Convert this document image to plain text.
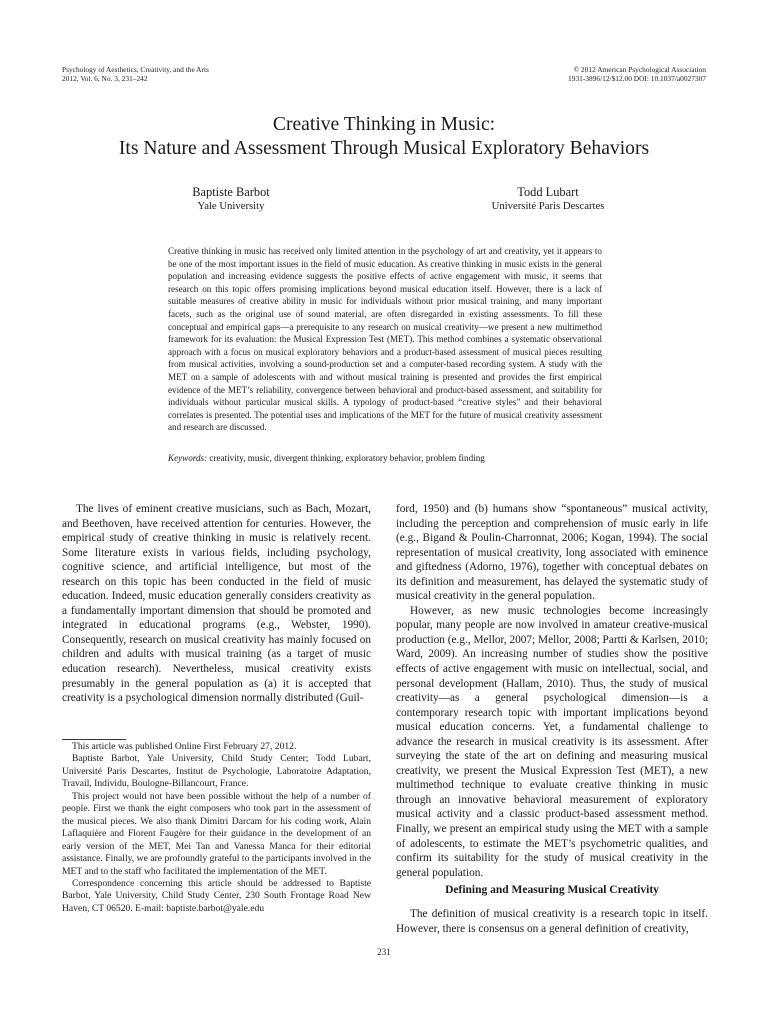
Psychology of Aesthetics, Creativity, and the Arts
2012, Vol. 6, No. 3, 231–242
© 2012 American Psychological Association
1931-3896/12/$12.00 DOI: 10.1037/a0027307
Creative Thinking in Music:
Its Nature and Assessment Through Musical Exploratory Behaviors
Baptiste Barbot
Yale University
Todd Lubart
Université Paris Descartes

Creative thinking in music has received only limited attention in the psychology of art and creativity, yet it appears to be one of the most important issues in the field of music education. As creative thinking in music exists in the general population and increasing evidence suggests the positive effects of active engagement with music, it seems that research on this topic offers promising implications beyond musical education itself. However, there is a lack of suitable measures of creative ability in music for individuals without prior musical training, and many important facets, such as the original use of sound material, are often disregarded in existing assessments. To fill these conceptual and empirical gaps—a prerequisite to any research on musical creativity—we present a new multimethod framework for its evaluation: the Musical Expression Test (MET). This method combines a systematic observational approach with a focus on musical exploratory behaviors and a product-based assessment of musical pieces resulting from musical activities, involving a sound-production set and a computer-based recording system. A study with the MET on a sample of adolescents with and without musical training is presented and provides the first empirical evidence of the MET’s reliability, convergence between behavioral and product-based assessment, and suitability for individuals without particular musical skills. A typology of product-based “creative styles” and their behavioral correlates is presented. The potential uses and implications of the MET for the future of musical creativity assessment and research are discussed.

Keywords: creativity, music, divergent thinking, exploratory behavior, problem finding

The lives of eminent creative musicians, such as Bach, Mozart, and Beethoven, have received attention for centuries. However, the empirical study of creative thinking in music is relatively recent. Some literature exists in various fields, including psychology, cognitive science, and artificial intelligence, but most of the research on this topic has been conducted in the field of music education. Indeed, music education generally considers creativity as a fundamentally important dimension that should be promoted and integrated in educational programs (e.g., Webster, 1990). Consequently, research on musical creativity has mainly focused on children and adults with musical training (as a target of music education research). Nevertheless, musical creativity exists presumably in the general population as (a) it is accepted that creativity is a psychological dimension normally distributed (Guil-

This article was published Online First February 27, 2012.

Baptiste Barbot, Yale University, Child Study Center; Todd Lubart, Université Paris Descartes, Institut de Psychologie, Laboratoire Adaptation, Travail, Individu, Boulogne-Billancourt, France.

This project would not have been possible without the help of a number of people. First we thank the eight composers who took part in the assessment of the musical pieces. We also thank Dimitri Darcam for his coding work, Alain Laflaquière and Florent Faugère for their guidance in the development of an early version of the MET, Mei Tan and Vanessa Manca for their editorial assistance. Finally, we are profoundly grateful to the participants involved in the MET and to the staff who facilitated the implementation of the MET.

Correspondence concerning this article should be addressed to Baptiste Barbot, Yale University, Child Study Center, 230 South Frontage Road New Haven, CT 06520. E-mail: baptiste.barbot@yale.edu

ford, 1950) and (b) humans show “spontaneous” musical activity, including the perception and comprehension of music early in life (e.g., Bigand & Poulin-Charronnat, 2006; Kogan, 1994). The social representation of musical creativity, long associated with eminence and giftedness (Adorno, 1976), together with conceptual debates on its definition and measurement, has delayed the systematic study of musical creativity in the general population.

However, as new music technologies become increasingly popular, many people are now involved in amateur creative-musical production (e.g., Mellor, 2007; Mellor, 2008; Partti & Karlsen, 2010; Ward, 2009). An increasing number of studies show the positive effects of active engagement with music on intellectual, social, and personal development (Hallam, 2010). Thus, the study of musical creativity—as a general psychological dimension—is a contemporary research topic with important implications beyond musical education concerns. Yet, a fundamental challenge to advance the research in musical creativity is its assessment. After surveying the state of the art on defining and measuring musical creativity, we present the Musical Expression Test (MET), a new multimethod technique to evaluate creative thinking in music through an innovative behavioral measurement of exploratory musical activity and a classic product-based assessment method. Finally, we present an empirical study using the MET with a sample of adolescents, to estimate the MET’s psychometric qualities, and confirm its suitability for the study of musical creativity in the general population.

Defining and Measuring Musical Creativity

The definition of musical creativity is a research topic in itself. However, there is consensus on a general definition of creativity,

231
